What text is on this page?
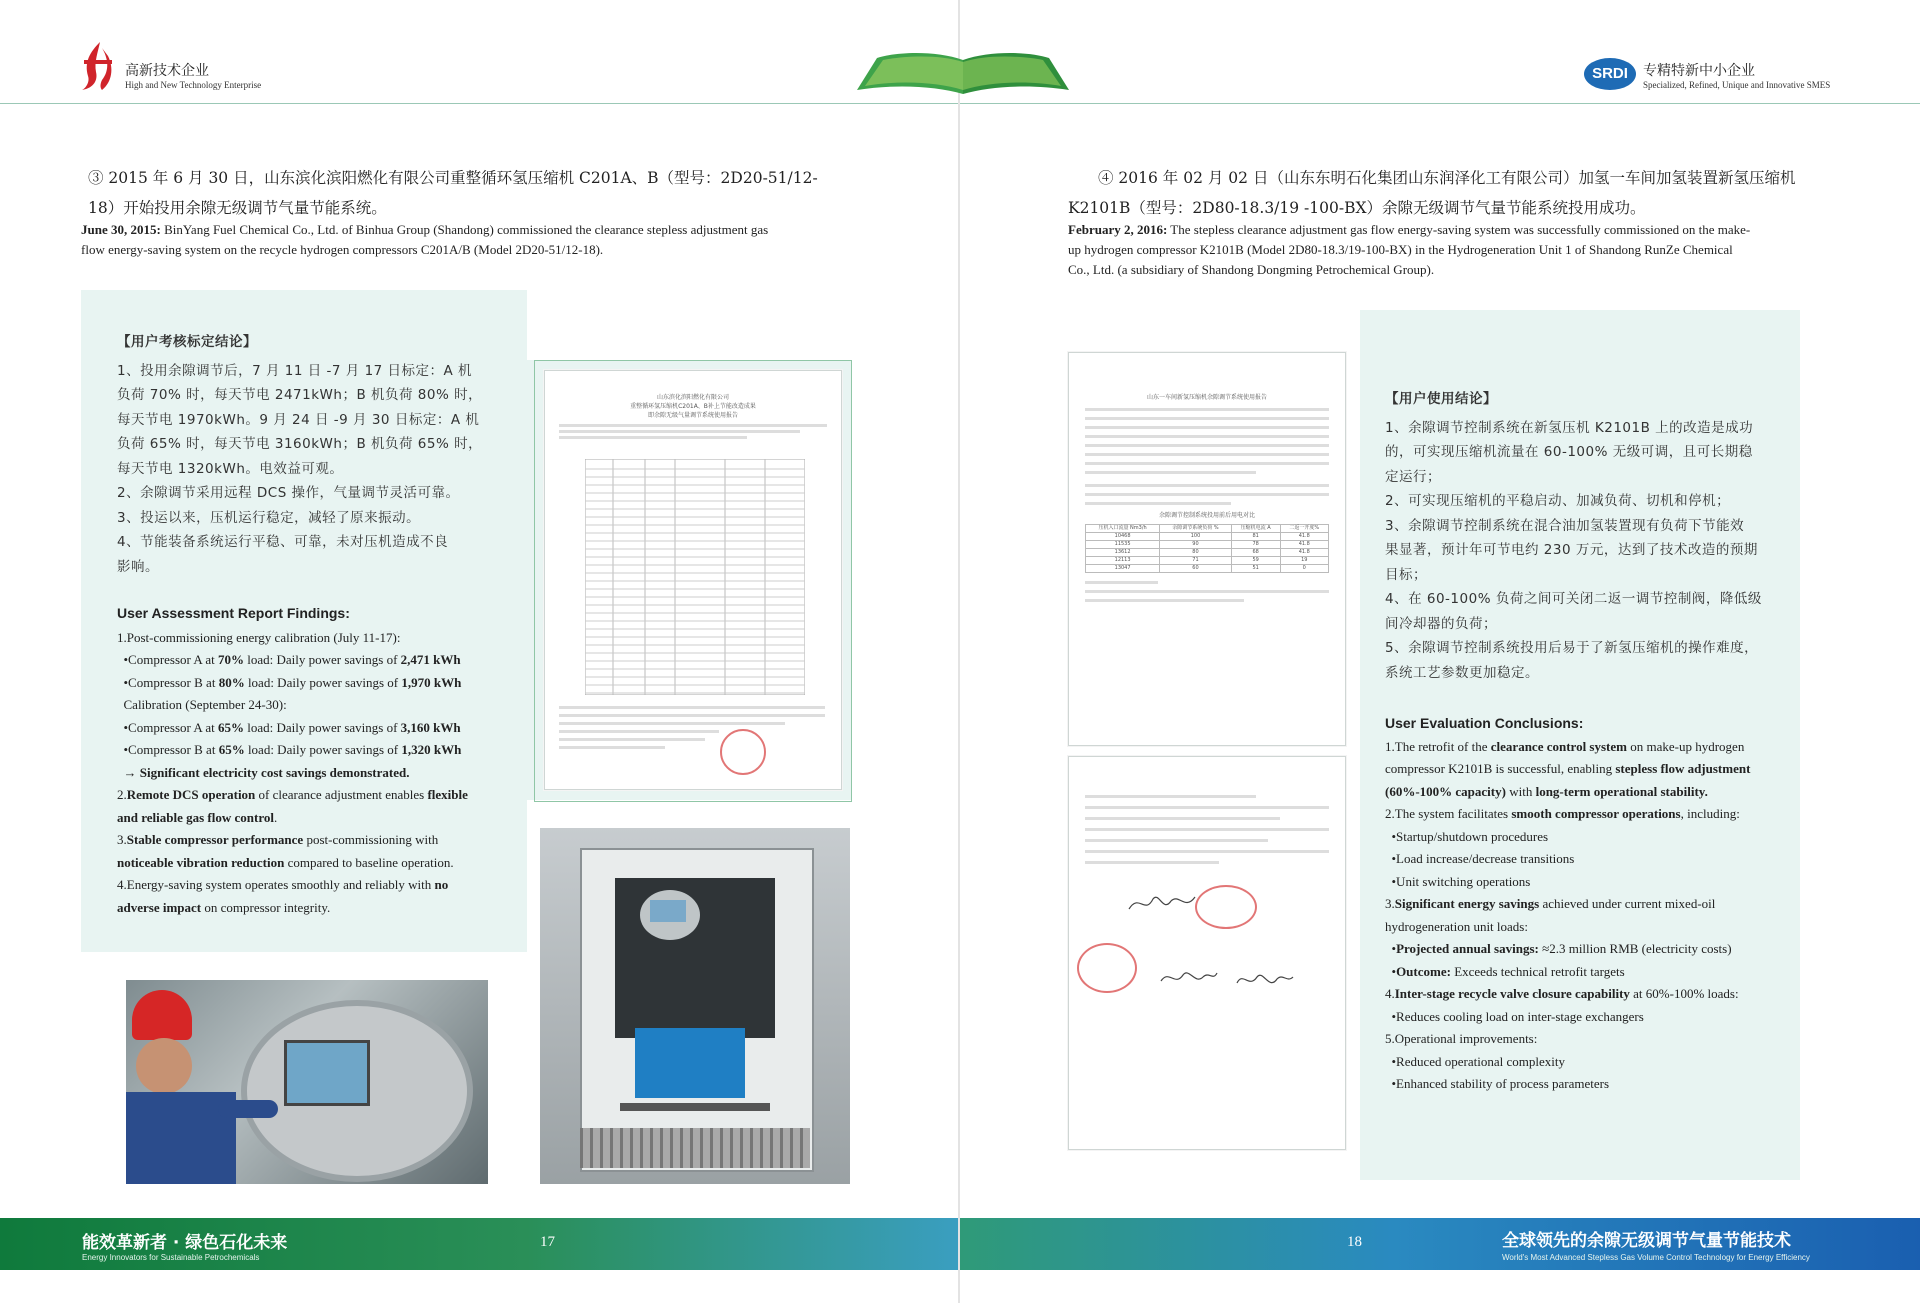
高新技术企业
High and New Technology Enterprise
③ 2015 年 6 月 30 日，山东滨化滨阳燃化有限公司重整循环氢压缩机 C201A、B（型号：2D20-51/12-
18）开始投用余隙无级调节气量节能系统。
June 30, 2015: BinYang Fuel Chemical Co., Ltd. of Binhua Group (Shandong) commissioned the clearance stepless adjustment gas
flow energy-saving system on the recycle hydrogen compressors C201A/B (Model 2D20-51/12-18).
【用户考核标定结论】
1、投用余隙调节后，7 月 11 日 -7 月 17 日标定：A 机
负荷 70% 时，每天节电 2471kWh；B 机负荷 80% 时，
每天节电 1970kWh。9 月 24 日 -9 月 30 日标定：A 机
负荷 65% 时，每天节电 3160kWh；B 机负荷 65% 时，
每天节电 1320kWh。电效益可观。
2、余隙调节采用远程 DCS 操作，气量调节灵活可靠。
3、投运以来，压机运行稳定，减轻了原来振动。
4、节能装备系统运行平稳、可靠，未对压机造成不良
影响。
User Assessment Report Findings:
1.Post-commissioning energy calibration (July 11-17):
•Compressor A at 70% load: Daily power savings of 2,471 kWh
•Compressor B at 80% load: Daily power savings of 1,970 kWh
Calibration (September 24-30):
•Compressor A at 65% load: Daily power savings of 3,160 kWh
•Compressor B at 65% load: Daily power savings of 1,320 kWh
→ Significant electricity cost savings demonstrated.
2.Remote DCS operation of clearance adjustment enables flexible
and reliable gas flow control.
3.Stable compressor performance post-commissioning with
noticeable vibration reduction compared to baseline operation.
4.Energy-saving system operates smoothly and reliably with no
adverse impact on compressor integrity.
山东滨化滨阳燃化有限公司
重整循环氢压缩机C201A、B补上节能改造成果
即余隙无级气量调节系统使用报告
能效革新者 · 绿色石化未来
Energy Innovators for Sustainable Petrochemicals
17
SRDI	专精特新中小企业
Specialized, Refined, Unique and Innovative SMES
④ 2016 年 02 月 02 日（山东东明石化集团山东润泽化工有限公司）加氢一车间加氢装置新氢压缩机
K2101B（型号：2D80-18.3/19 -100-BX）余隙无级调节气量节能系统投用成功。
February 2, 2016: The stepless clearance adjustment gas flow energy-saving system was successfully commissioned on the make-
up hydrogen compressor K2101B (Model 2D80-18.3/19-100-BX) in the Hydrogeneration Unit 1 of Shandong RunZe Chemical
Co., Ltd. (a subsidiary of Shandong Dongming Petrochemical Group).
【用户使用结论】
1、余隙调节控制系统在新氢压机 K2101B 上的改造是成功
的，可实现压缩机流量在 60-100% 无级可调，且可长期稳
定运行；
2、可实现压缩机的平稳启动、加减负荷、切机和停机；
3、余隙调节控制系统在混合油加氢装置现有负荷下节能效
果显著，预计年可节电约 230 万元，达到了技术改造的预期
目标；
4、在 60-100% 负荷之间可关闭二返一调节控制阀，降低级
间冷却器的负荷；
5、余隙调节控制系统投用后易于了新氢压缩机的操作难度，
系统工艺参数更加稳定。
User Evaluation Conclusions:
1.The retrofit of the clearance control system on make-up hydrogen
compressor K2101B is successful, enabling stepless flow adjustment
(60%-100% capacity) with long-term operational stability.
2.The system facilitates smooth compressor operations, including:
•Startup/shutdown procedures
•Load increase/decrease transitions
•Unit switching operations
3.Significant energy savings achieved under current mixed-oil
hydrogeneration unit loads:
•Projected annual savings: ≈2.3 million RMB (electricity costs)
•Outcome: Exceeds technical retrofit targets
4.Inter-stage recycle valve closure capability at 60%-100% loads:
•Reduces cooling load on inter-stage exchangers
5.Operational improvements:
•Reduced operational complexity
•Enhanced stability of process parameters
山东一车间新氢压缩机余隙调节系统使用报告
余隙调节控制系统投用前后用电对比
压机入口流量 Nm3/h	余隙调节系统负荷 %	压缩机电流 A	二返一开度%
10468	100	81	41.8
11535	90	78	41.8
13612	80	68	41.8
12113	71	59	19
13047	60	51	0
18	全球领先的余隙无级调节气量节能技术
World's Most Advanced Stepless Gas Volume Control Technology for Energy Efficiency
